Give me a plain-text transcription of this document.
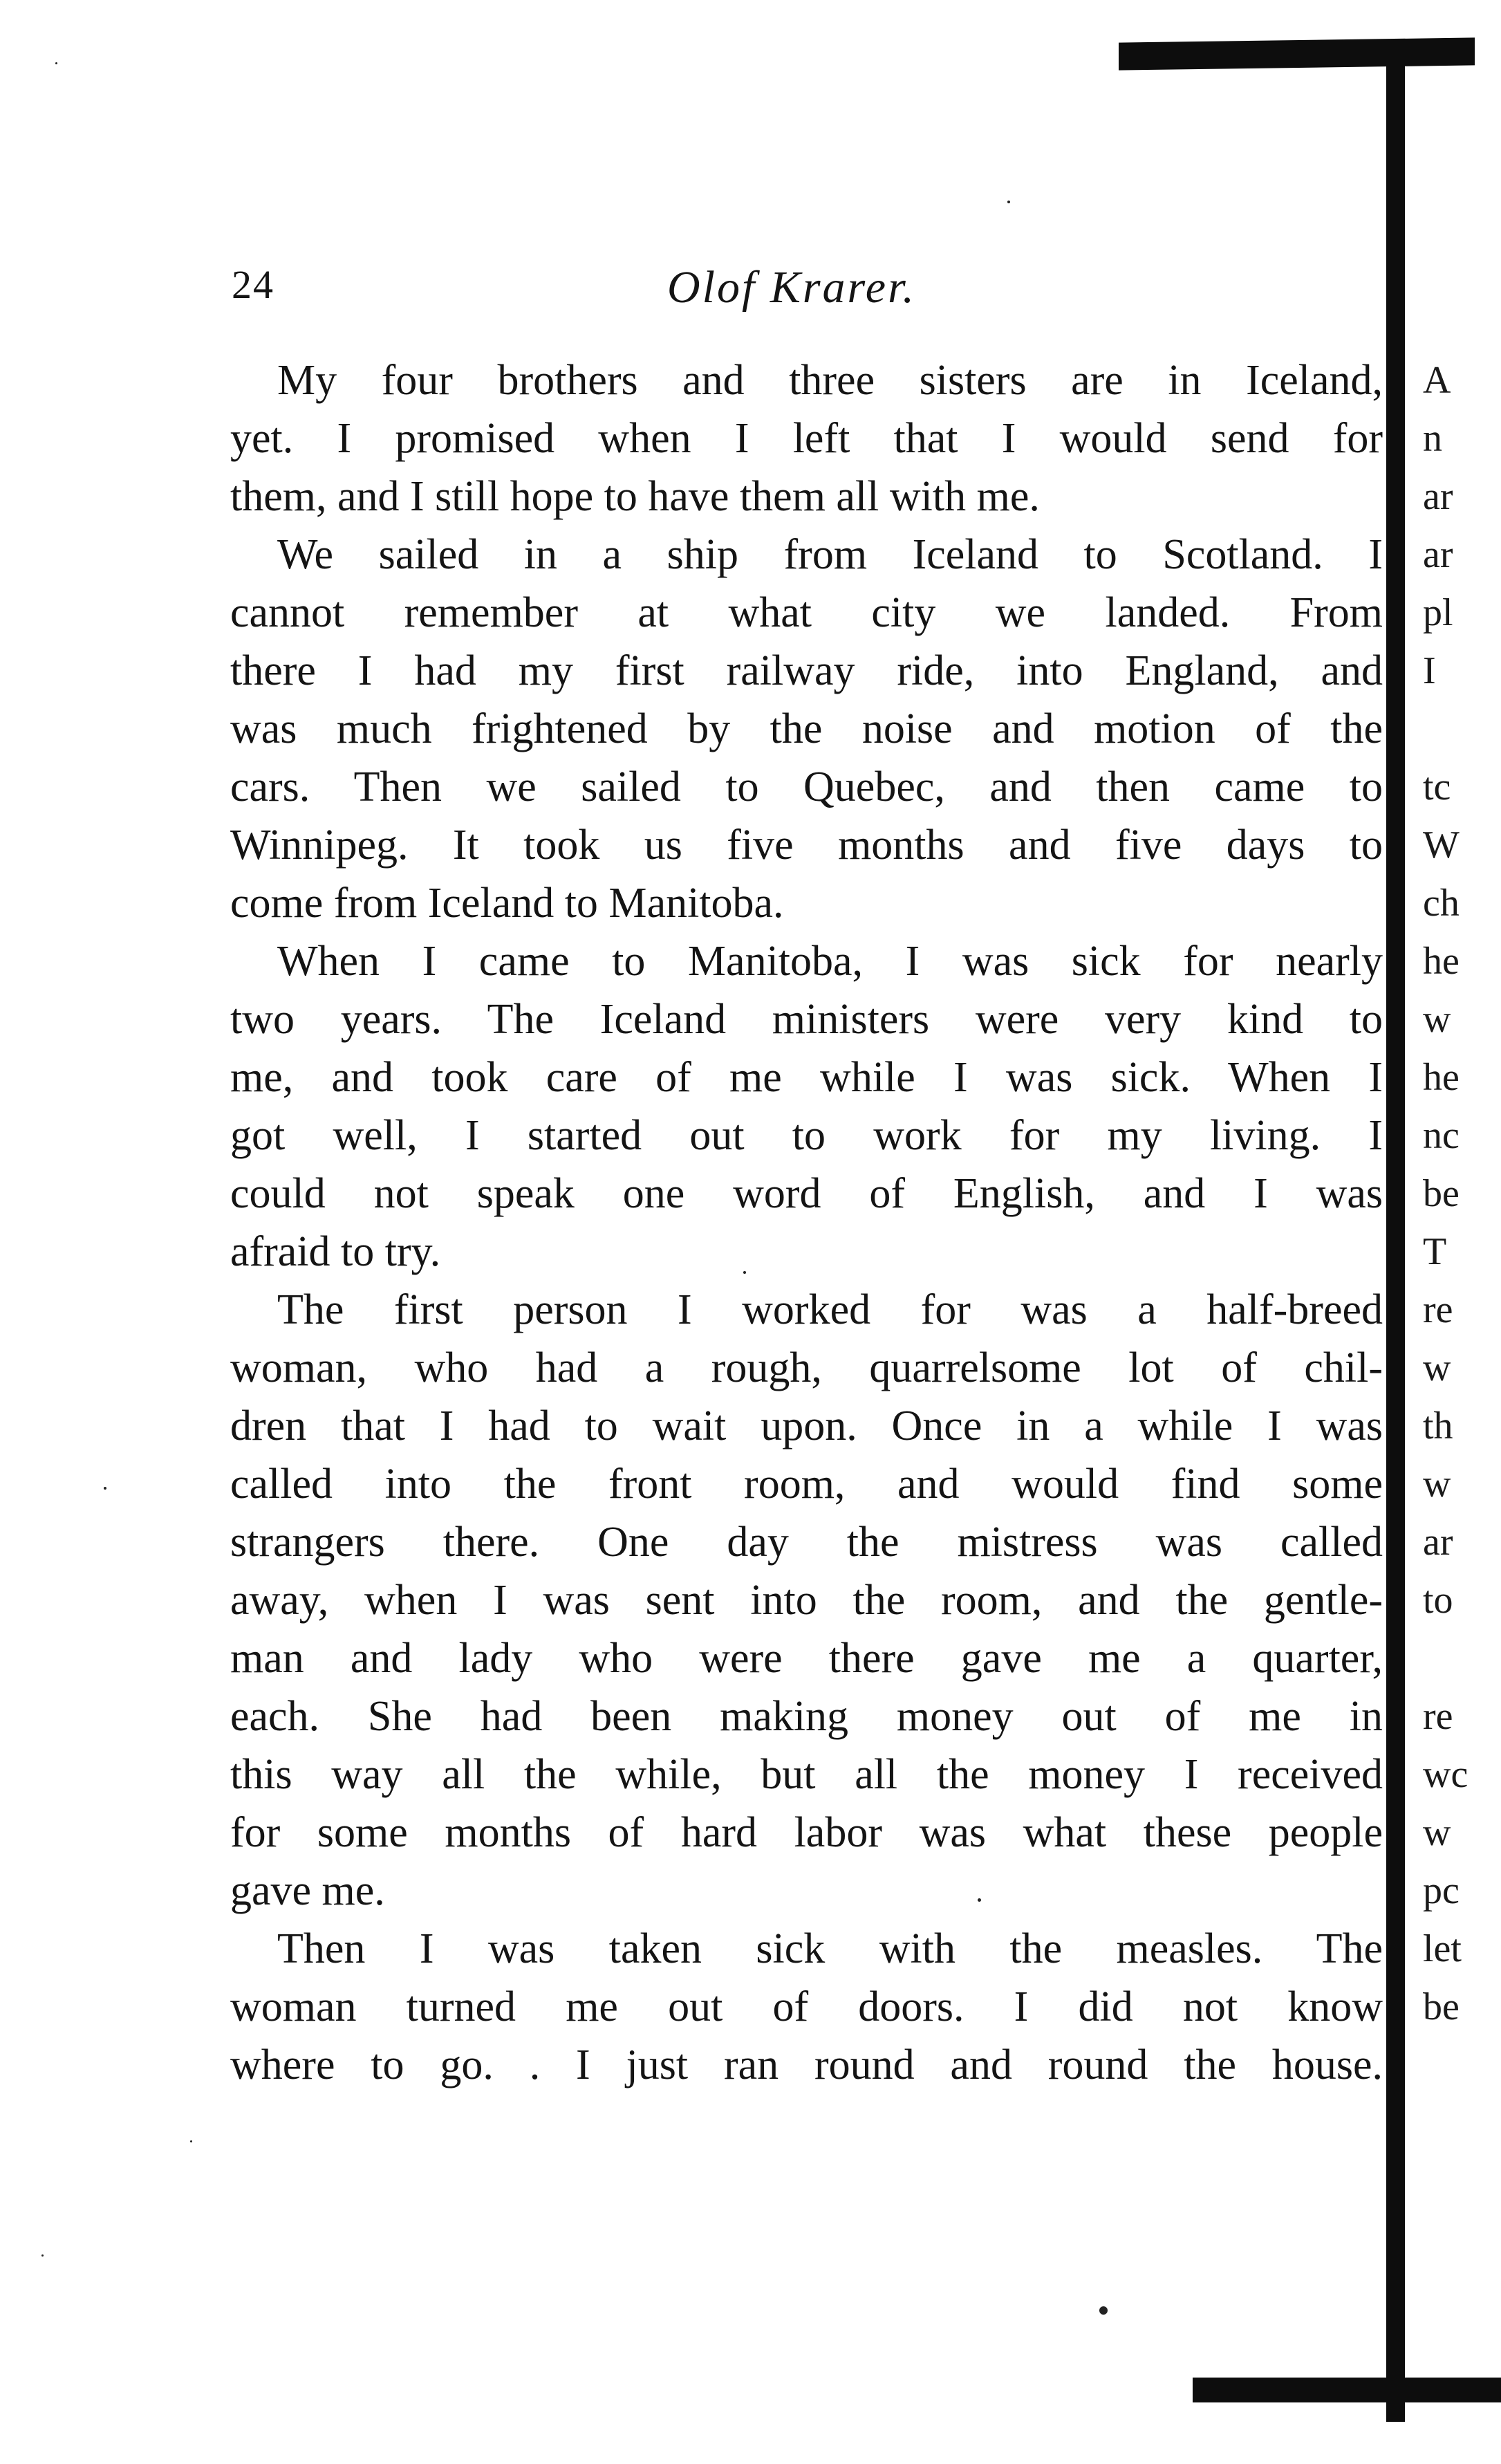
24	Olof Krarer.
My four brothers and three sisters are in Iceland,
yet. I promised when I left that I would send for
them, and I still hope to have them all with me.
We sailed in a ship from Iceland to Scotland. I
cannot remember at what city we landed. From
there I had my first railway ride, into England, and
was much frightened by the noise and motion of the
cars. Then we sailed to Quebec, and then came to
Winnipeg. It took us five months and five days to
come from Iceland to Manitoba.
When I came to Manitoba, I was sick for nearly
two years. The Iceland ministers were very kind to
me, and took care of me while I was sick. When I
got well, I started out to work for my living. I
could not speak one word of English, and I was
afraid to try.
The first person I worked for was a half-breed
woman, who had a rough, quarrelsome lot of chil-
dren that I had to wait upon. Once in a while I was
called into the front room, and would find some
strangers there. One day the mistress was called
away, when I was sent into the room, and the gentle-
man and lady who were there gave me a quarter,
each. She had been making money out of me in
this way all the while, but all the money I received
for some months of hard labor was what these people
gave me.
Then I was taken sick with the measles. The
woman turned me out of doors. I did not know
where to go. . I just ran round and round the house.
A
n
ar
ar
pl
I
tc
W
ch
he
w
he
nc
be
T
re
w
th
w
ar
to
re
wc
w
pc
let
be
